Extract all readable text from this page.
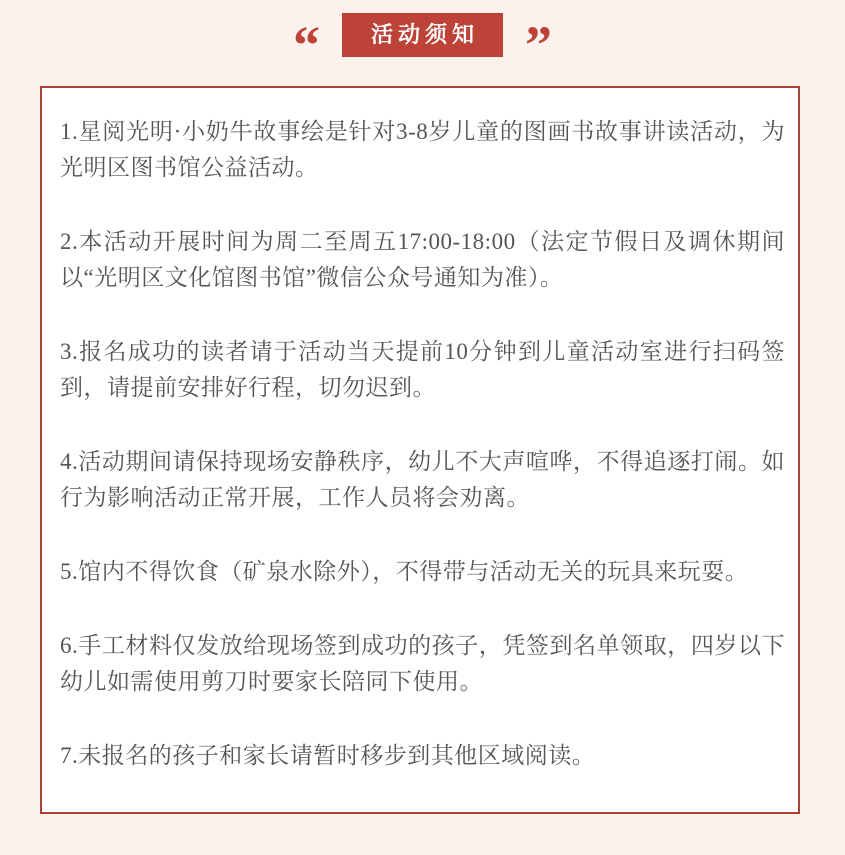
“	活动须知 ”

1.星阅光明·小奶牛故事绘是针对3-8岁儿童的图画书故事讲读活动，为光明区图书馆公益活动。

2.本活动开展时间为周二至周五17:00-18:00（法定节假日及调休期间以“光明区文化馆图书馆”微信公众号通知为准）。

3.报名成功的读者请于活动当天提前10分钟到儿童活动室进行扫码签到，请提前安排好行程，切勿迟到。

4.活动期间请保持现场安静秩序，幼儿不大声喧哗，不得追逐打闹。如行为影响活动正常开展，工作人员将会劝离。

5.馆内不得饮食（矿泉水除外），不得带与活动无关的玩具来玩耍。

6.手工材料仅发放给现场签到成功的孩子，凭签到名单领取，四岁以下幼儿如需使用剪刀时要家长陪同下使用。

7.未报名的孩子和家长请暂时移步到其他区域阅读。
